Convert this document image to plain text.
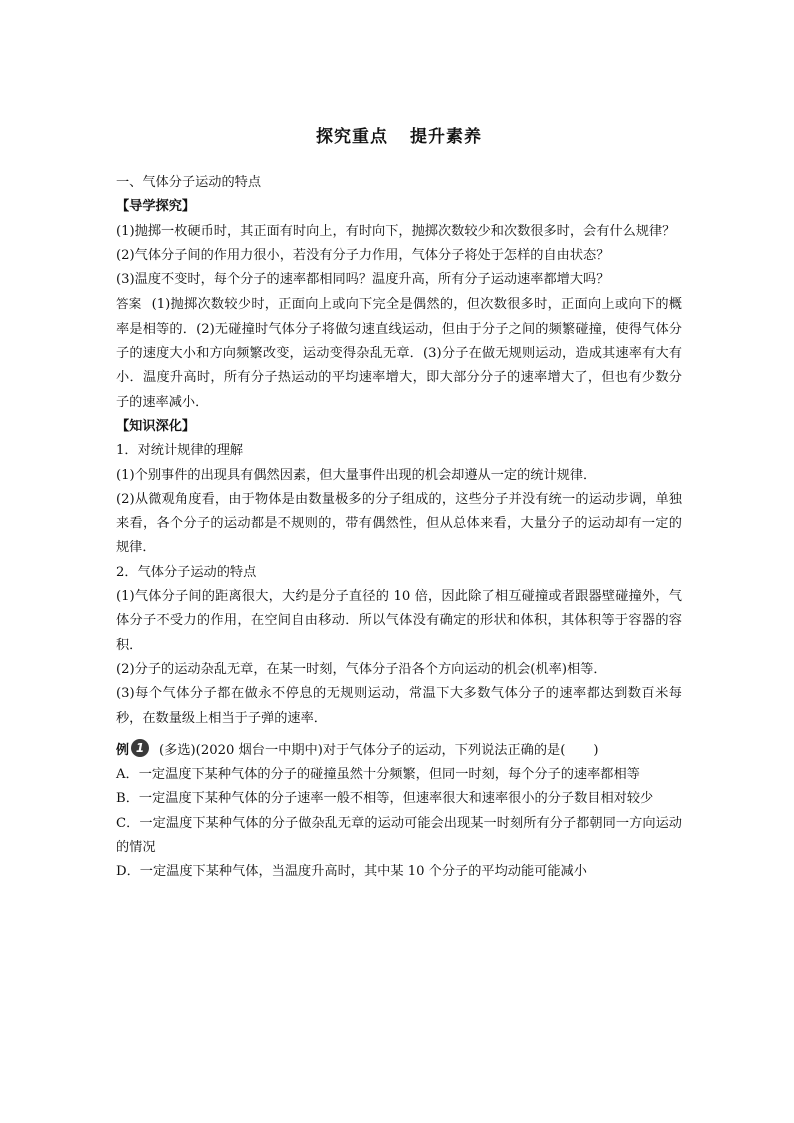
探究重点 提升素养

一、气体分子运动的特点

【导学探究】

(1)抛掷一枚硬币时，其正面有时向上，有时向下，抛掷次数较少和次数很多时，会有什么规律？

(2)气体分子间的作用力很小，若没有分子力作用，气体分子将处于怎样的自由状态？

(3)温度不变时，每个分子的速率都相同吗？温度升高，所有分子运动速率都增大吗？

答案 (1)抛掷次数较少时，正面向上或向下完全是偶然的，但次数很多时，正面向上或向下的概率是相等的．(2)无碰撞时气体分子将做匀速直线运动，但由于分子之间的频繁碰撞，使得气体分子的速度大小和方向频繁改变，运动变得杂乱无章．(3)分子在做无规则运动，造成其速率有大有小．温度升高时，所有分子热运动的平均速率增大，即大部分分子的速率增大了，但也有少数分子的速率减小．

【知识深化】

1．对统计规律的理解

(1)个别事件的出现具有偶然因素，但大量事件出现的机会却遵从一定的统计规律．

(2)从微观角度看，由于物体是由数量极多的分子组成的，这些分子并没有统一的运动步调，单独来看，各个分子的运动都是不规则的，带有偶然性，但从总体来看，大量分子的运动却有一定的规律．

2．气体分子运动的特点

(1)气体分子间的距离很大，大约是分子直径的 10 倍，因此除了相互碰撞或者跟器壁碰撞外，气体分子不受力的作用，在空间自由移动．所以气体没有确定的形状和体积，其体积等于容器的容积．

(2)分子的运动杂乱无章，在某一时刻，气体分子沿各个方向运动的机会(机率)相等．

(3)每个气体分子都在做永不停息的无规则运动，常温下大多数气体分子的速率都达到数百米每秒，在数量级上相当于子弹的速率．

例 1 (多选)(2020 烟台一中期中)对于气体分子的运动，下列说法正确的是( )

A．一定温度下某种气体的分子的碰撞虽然十分频繁，但同一时刻，每个分子的速率都相等

B．一定温度下某种气体的分子速率一般不相等，但速率很大和速率很小的分子数目相对较少

C．一定温度下某种气体的分子做杂乱无章的运动可能会出现某一时刻所有分子都朝同一方向运动的情况

D．一定温度下某种气体，当温度升高时，其中某 10 个分子的平均动能可能减小
